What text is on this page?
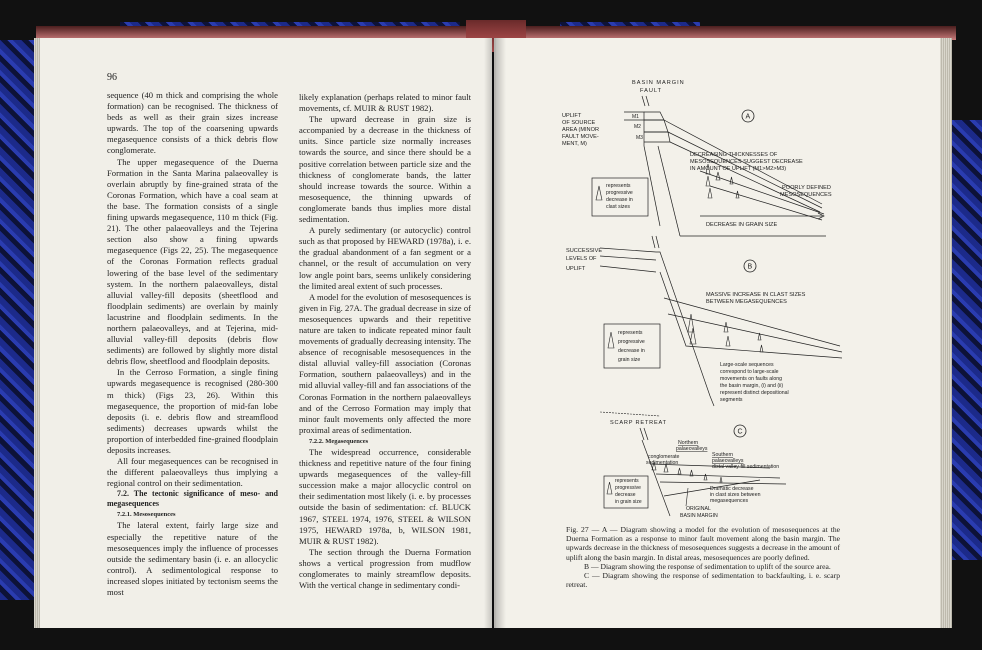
96

sequence (40 m thick and comprising the whole formation) can be recognised. The thickness of beds as well as their grain sizes increase upwards. The top of the coarsening upwards megasequence consists of a thick debris flow conglomerate.

The upper megasequence of the Duerna Formation in the Santa Marina palaeovalley is overlain abruptly by fine-grained strata of the Coronas Formation, which have a coal seam at the base. The formation consists of a single fining upwards megasequence, 110 m thick (Fig. 21). The other palaeovalleys and the Tejerina section also show a fining upwards megasequence (Figs 22, 25). The megasequence of the Coronas Formation reflects gradual lowering of the base level of the sedimentary system. In the northern palaeovalleys, distal alluvial valley-fill deposits (sheetflood and floodplain sediments) are overlain by mainly lacustrine and floodplain sediments. In the northern palaeovalleys, and at Tejerina, mid-alluvial valley-fill deposits (debris flow sediments) are followed by slightly more distal debris flow, sheetflood and floodplain deposits.

In the Cerroso Formation, a single fining upwards megasequence is recognised (280-300 m thick) (Figs 23, 26). Within this megasequence, the proportion of mid-fan lobe deposits (i. e. debris flow and streamflood sediments) decreases upwards whilst the proportion of interbedded fine-grained floodplain deposits increases.

All four megasequences can be recognised in the different palaeovalleys thus implying a regional control on their sedimentation.

7.2. The tectonic significance of meso- and megasequences

7.2.1. Mesosequences

The lateral extent, fairly large size and especially the repetitive nature of the mesosequences imply the influence of processes outside the sedimentary basin (i. e. an allocyclic control). A sedimentological response to increased slopes initiated by tectonism seems the most

likely explanation (perhaps related to minor fault movements, cf. MUIR & RUST 1982).

The upward decrease in grain size is accompanied by a decrease in the thickness of units. Since particle size normally increases towards the source, and since there should be a positive correlation between particle size and the thickness of conglomerate bands, the latter should increase towards the source. Within a mesosequence, the thinning upwards of conglomerate bands thus implies more distal sedimentation.

A purely sedimentary (or autocyclic) control such as that proposed by HEWARD (1978a), i. e. the gradual abandonment of a fan segment or a channel, or the result of accumulation on very low angle point bars, seems unlikely considering the limited areal extent of such processes.

A model for the evolution of mesosequences is given in Fig. 27A. The gradual decrease in size of mesosequences upwards and their repetitive nature are taken to indicate repeated minor fault movements of gradually decreasing intensity. The absence of recognisable mesosequences in the distal alluvial valley-fill association (Coronas Formation, southern palaeovalleys) and in the mid alluvial valley-fill and fan associations of the Coronas Formation in the northern palaeovalleys and of the Cerroso Formation may imply that minor fault movements only affected the more proximal areas of sedimentation.

7.2.2. Megasequences

The widespread occurrence, considerable thickness and repetitive nature of the four fining upwards megasequences of the valley-fill succession make a major allocyclic control on their sedimentation most likely (i. e. by processes outside the basin of sedimentation: cf. BLUCK 1967, STEEL 1974, 1976, STEEL & WILSON 1975, HEWARD 1978a, b, WILSON 1981, MUIR & RUST 1982).

The section through the Duerna Formation shows a vertical progression from mudflow conglomerates to mainly streamflow deposits. With the vertical change in sedimentary condi-

BASIN MARGIN
FAULT
A
UPLIFT
OF SOURCE
AREA (MINOR
FAULT MOVE-
MENT, M)
M1
M2
M3
DECREASING THICKNESSES OF
MESOSEQUENCES SUGGEST DECREASE
IN AMOUNT OF UPLIFT (M1>M2>M3)
POORLY DEFINED
MESOSEQUENCES
DECREASE IN GRAIN SIZE
represents
progressive
decrease in
clast sizes
SUCCESSIVE
LEVELS OF
UPLIFT	B
MASSIVE INCREASE IN CLAST SIZES
BETWEEN MEGASEQUENCES
represents
progressive
decrease in
grain size
Large-scale sequences
correspond to large-scale
movements on faults along
the basin margin, (i) and (ii)
represent distinct depositional
segments
SCARP RETREAT
C
Northern
palaeovalleys
Southern
palaeovalleys
conglomerate
sedimentation
distal valley-fill sedimentation
Dramatic decrease
in clast sizes between
megasequences
ORIGINAL
BASIN MARGIN
represents
progressive
decrease
in grain size

Fig. 27 — A — Diagram showing a model for the evolution of mesosequences at the Duerna Formation as a response to minor fault movement along the basin margin. The upwards decrease in the thickness of mesosequences suggests a decrease in the amount of uplift along the basin margin. In distal areas, mesosequences are poorly defined.

B — Diagram showing the response of sedimentation to uplift of the source area.

C — Diagram showing the response of sedimentation to backfaulting, i. e. scarp retreat.
